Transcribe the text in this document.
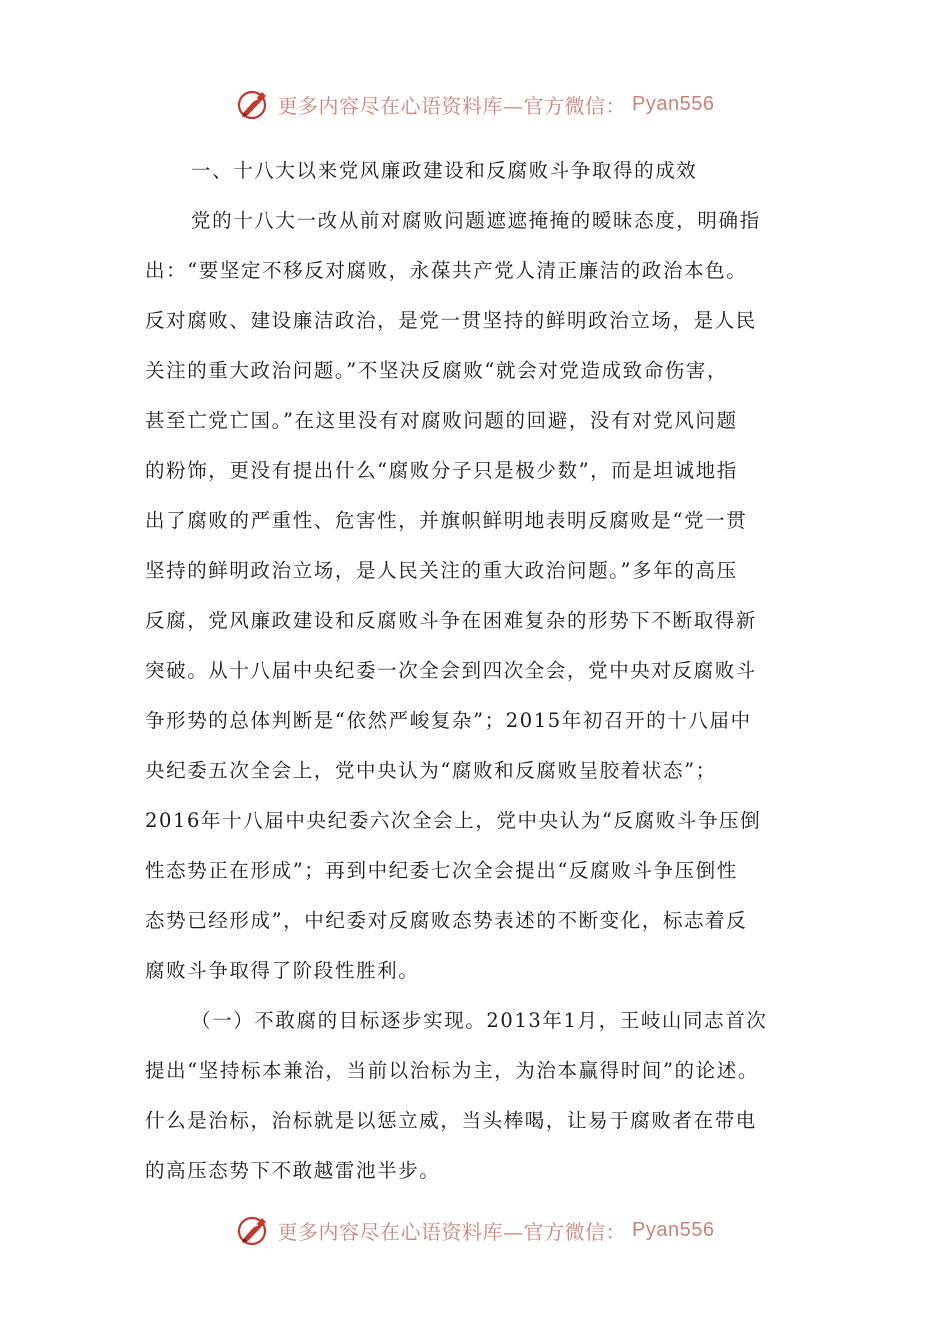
更多内容尽在心语资料库—官方微信： Pyan556
一、十八大以来党风廉政建设和反腐败斗争取得的成效
党的十八大一改从前对腐败问题遮遮掩掩的暧昧态度，明确指
出：“要坚定不移反对腐败，永葆共产党人清正廉洁的政治本色。
反对腐败、建设廉洁政治，是党一贯坚持的鲜明政治立场，是人民
关注的重大政治问题。”不坚决反腐败“就会对党造成致命伤害，
甚至亡党亡国。”在这里没有对腐败问题的回避，没有对党风问题
的粉饰，更没有提出什么“腐败分子只是极少数”，而是坦诚地指
出了腐败的严重性、危害性，并旗帜鲜明地表明反腐败是“党一贯
坚持的鲜明政治立场，是人民关注的重大政治问题。”多年的高压
反腐，党风廉政建设和反腐败斗争在困难复杂的形势下不断取得新
突破。从十八届中央纪委一次全会到四次全会，党中央对反腐败斗
争形势的总体判断是“依然严峻复杂”；2015年初召开的十八届中
央纪委五次全会上，党中央认为“腐败和反腐败呈胶着状态”；
2016年十八届中央纪委六次全会上，党中央认为“反腐败斗争压倒
性态势正在形成”；再到中纪委七次全会提出“反腐败斗争压倒性
态势已经形成”，中纪委对反腐败态势表述的不断变化，标志着反
腐败斗争取得了阶段性胜利。
（一）不敢腐的目标逐步实现。2013年1月，王岐山同志首次
提出“坚持标本兼治，当前以治标为主，为治本赢得时间”的论述。
什么是治标，治标就是以惩立威，当头棒喝，让易于腐败者在带电
的高压态势下不敢越雷池半步。
更多内容尽在心语资料库—官方微信： Pyan556
